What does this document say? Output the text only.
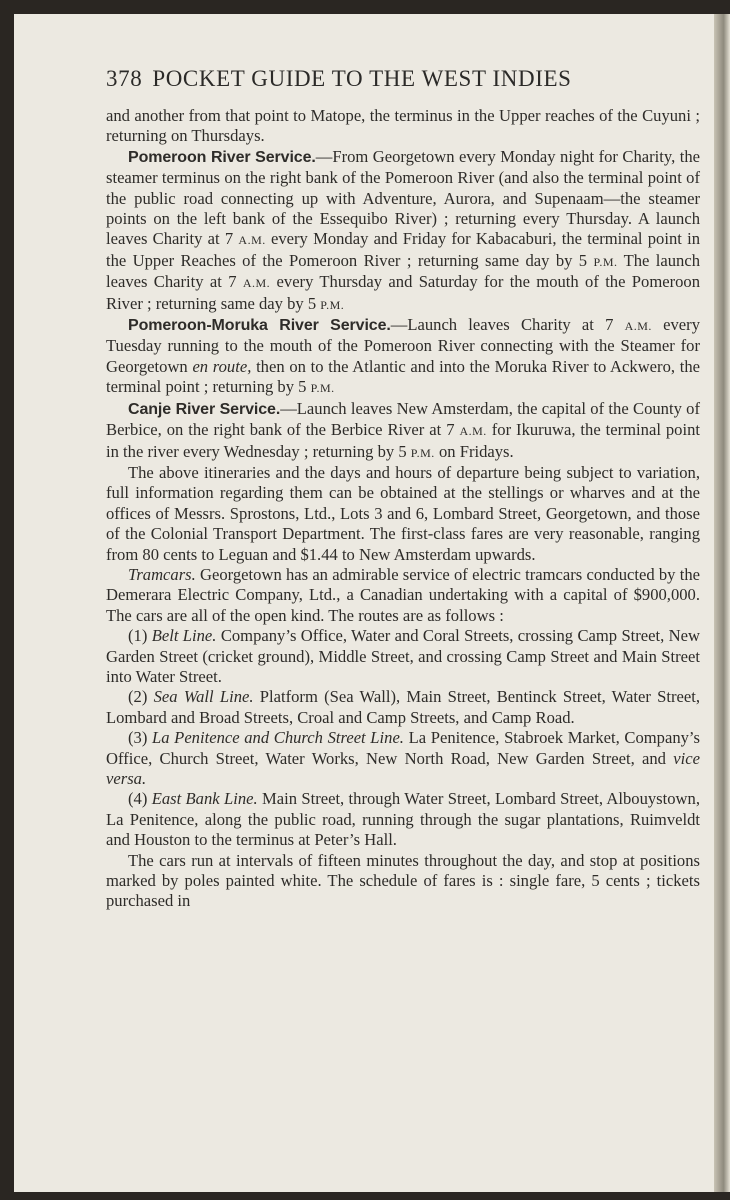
378 POCKET GUIDE TO THE WEST INDIES

and another from that point to Matope, the terminus in the Upper reaches of the Cuyuni ; returning on Thursdays.

Pomeroon River Service.—From Georgetown every Monday night for Charity, the steamer terminus on the right bank of the Pomeroon River (and also the terminal point of the public road connecting up with Adventure, Aurora, and Supenaam—the steamer points on the left bank of the Essequibo River) ; returning every Thursday. A launch leaves Charity at 7 A.M. every Monday and Friday for Kabacaburi, the terminal point in the Upper Reaches of the Pomeroon River ; returning same day by 5 P.M. The launch leaves Charity at 7 A.M. every Thursday and Saturday for the mouth of the Pomeroon River ; returning same day by 5 P.M.

Pomeroon-Moruka River Service.—Launch leaves Charity at 7 A.M. every Tuesday running to the mouth of the Pomeroon River connecting with the Steamer for Georgetown en route, then on to the Atlantic and into the Moruka River to Ackwero, the terminal point ; returning by 5 P.M.

Canje River Service.—Launch leaves New Amsterdam, the capital of the County of Berbice, on the right bank of the Berbice River at 7 A.M. for Ikuruwa, the terminal point in the river every Wednesday ; returning by 5 P.M. on Fridays.

The above itineraries and the days and hours of departure being subject to variation, full information regarding them can be obtained at the stellings or wharves and at the offices of Messrs. Sprostons, Ltd., Lots 3 and 6, Lombard Street, Georgetown, and those of the Colonial Transport Department. The first-class fares are very reasonable, ranging from 80 cents to Leguan and $1.44 to New Amsterdam upwards.

Tramcars. Georgetown has an admirable service of electric tramcars conducted by the Demerara Electric Company, Ltd., a Canadian undertaking with a capital of $900,000. The cars are all of the open kind. The routes are as follows :

(1) Belt Line. Company’s Office, Water and Coral Streets, crossing Camp Street, New Garden Street (cricket ground), Middle Street, and crossing Camp Street and Main Street into Water Street.

(2) Sea Wall Line. Platform (Sea Wall), Main Street, Bentinck Street, Water Street, Lombard and Broad Streets, Croal and Camp Streets, and Camp Road.

(3) La Penitence and Church Street Line. La Penitence, Stabroek Market, Company’s Office, Church Street, Water Works, New North Road, New Garden Street, and vice versa.

(4) East Bank Line. Main Street, through Water Street, Lombard Street, Albouystown, La Penitence, along the public road, running through the sugar plantations, Ruimveldt and Houston to the terminus at Peter’s Hall.

The cars run at intervals of fifteen minutes throughout the day, and stop at positions marked by poles painted white. The schedule of fares is : single fare, 5 cents ; tickets purchased in
